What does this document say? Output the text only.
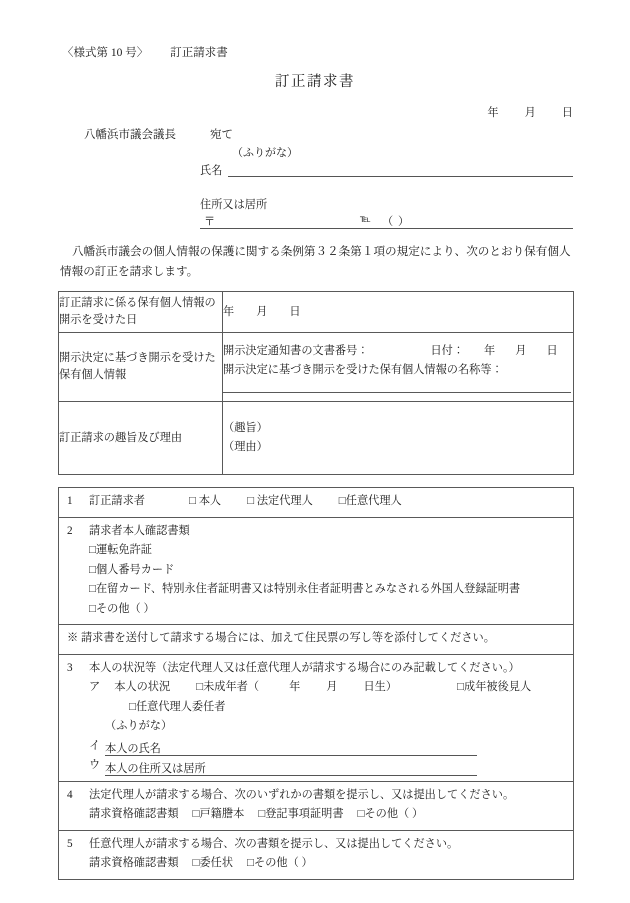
〈様式第 10 号〉 訂正請求書
訂正請求書
年 月 日
八幡浜市議会議長	宛て
（ふりがな）
氏名
住所又は居所
〒	℡ （ ）
八幡浜市議会の個人情報の保護に関する条例第３２条第１項の規定により、次のとおり保有個人情報の訂正を請求します。
訂正請求に係る保有個人情報の開示を受けた日	年 月 日
開示決定に基づき開示を受けた保有個人情報	開示決定通知書の文書番号： 日付： 年 月 日
開示決定に基づき開示を受けた保有個人情報の名称等：

訂正請求の趣旨及び理由	（趣旨）
（理由）
1 訂正請求者	□ 本人 □ 法定代理人 □任意代理人

2 請求者本人確認書類
□運転免許証
□個人番号カード
□在留カード、特別永住者証明書又は特別永住者証明書とみなされる外国人登録証明書
□その他（ ）

※ 請求書を送付して請求する場合には、加えて住民票の写し等を添付してください。

3 本人の状況等（法定代理人又は任意代理人が請求する場合にのみ記載してください。）
ア 本人の状況 □未成年者（	年 月 日生）	□成年被後見人
□任意代理人委任者
（ふりがな）
イ 本人の氏名
ウ 本人の住所又は居所

4 法定代理人が請求する場合、次のいずれかの書類を提示し、又は提出してください。
請求資格確認書類 □戸籍謄本 □登記事項証明書 □その他（ ）

5 任意代理人が請求する場合、次の書類を提示し、又は提出してください。
請求資格確認書類 □委任状 □その他（ ）
